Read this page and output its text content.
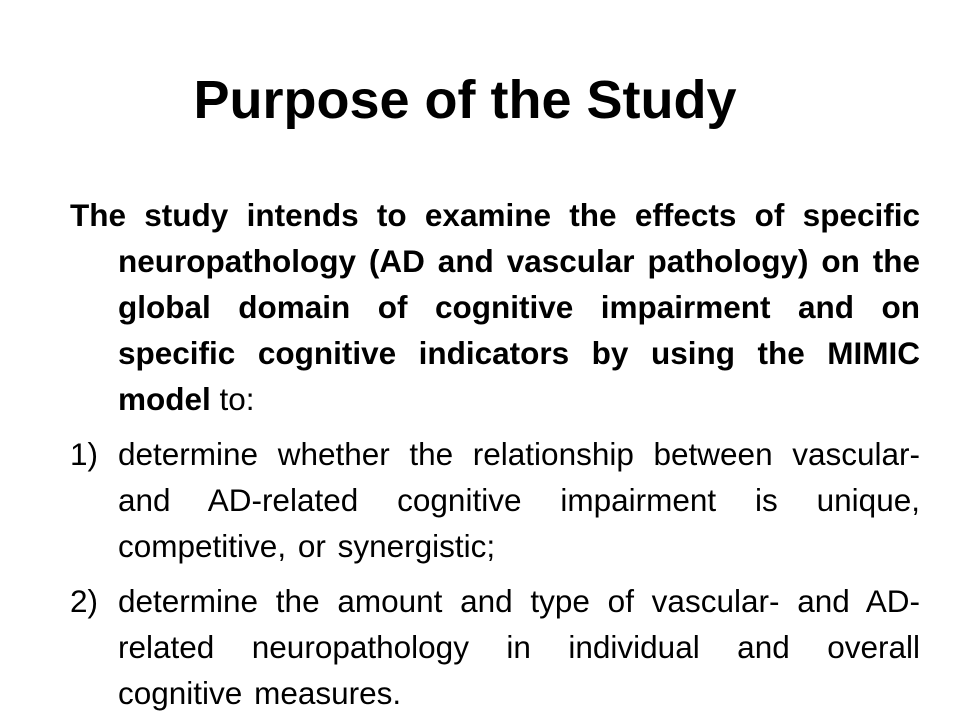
Purpose of the Study

The study intends to examine the effects of specific neuropathology (AD and vascular pathology) on the global domain of cognitive impairment and on specific cognitive indicators by using the MIMIC model to:

1) determine whether the relationship between vascular- and AD-related cognitive impairment is unique, competitive, or synergistic;
2) determine the amount and type of vascular- and AD-related neuropathology in individual and overall cognitive measures.
